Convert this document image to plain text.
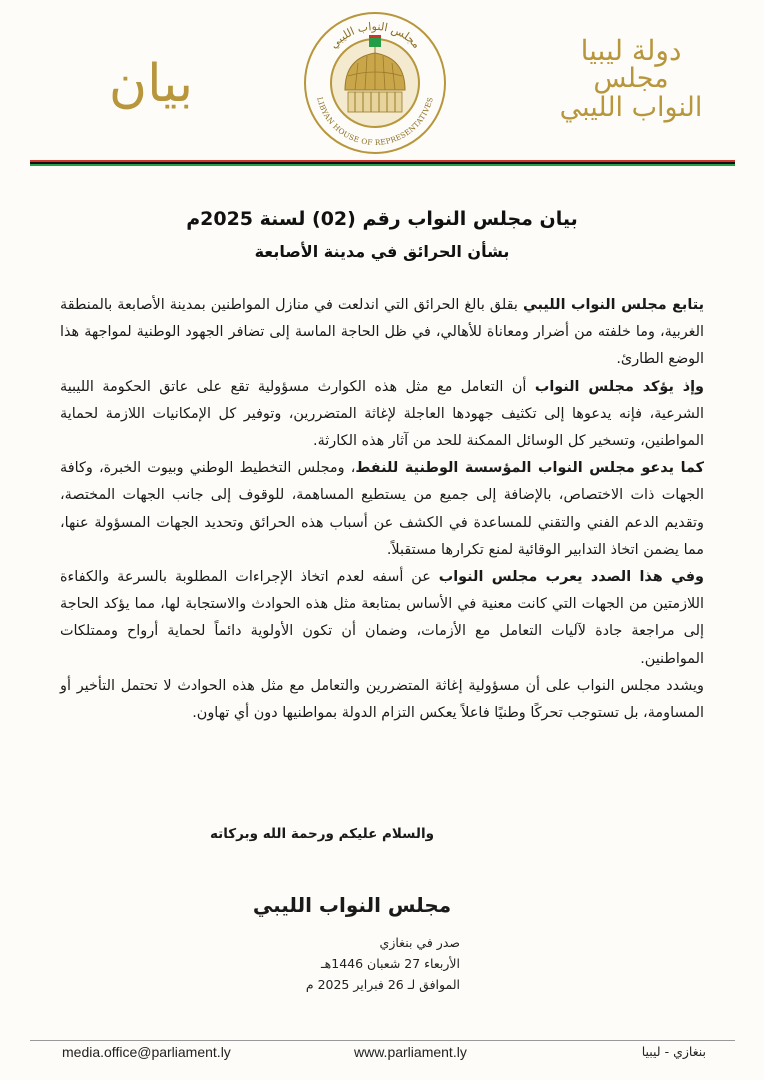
دولة ليبيا
مجلس النواب الليبي
مجلس النواب الليبي
LIBYAN HOUSE OF REPRESENTATIVES
بيان
بيان مجلس النواب رقم (02) لسنة 2025م
بشأن الحرائق في مدينة الأصابعة

يتابع مجلس النواب الليبي بقلق بالغ الحرائق التي اندلعت في منازل المواطنين بمدينة الأصابعة بالمنطقة الغربية، وما خلفته من أضرار ومعاناة للأهالي، في ظل الحاجة الماسة إلى تضافر الجهود الوطنية لمواجهة هذا الوضع الطارئ.

وإذ يؤكد مجلس النواب أن التعامل مع مثل هذه الكوارث مسؤولية تقع على عاتق الحكومة الليبية الشرعية، فإنه يدعوها إلى تكثيف جهودها العاجلة لإغاثة المتضررين، وتوفير كل الإمكانيات اللازمة لحماية المواطنين، وتسخير كل الوسائل الممكنة للحد من آثار هذه الكارثة.

كما يدعو مجلس النواب المؤسسة الوطنية للنفط، ومجلس التخطيط الوطني وبيوت الخبرة، وكافة الجهات ذات الاختصاص، بالإضافة إلى جميع من يستطيع المساهمة، للوقوف إلى جانب الجهات المختصة، وتقديم الدعم الفني والتقني للمساعدة في الكشف عن أسباب هذه الحرائق وتحديد الجهات المسؤولة عنها، مما يضمن اتخاذ التدابير الوقائية لمنع تكرارها مستقبلاً.

وفي هذا الصدد يعرب مجلس النواب عن أسفه لعدم اتخاذ الإجراءات المطلوبة بالسرعة والكفاءة اللازمتين من الجهات التي كانت معنية في الأساس بمتابعة مثل هذه الحوادث والاستجابة لها، مما يؤكد الحاجة إلى مراجعة جادة لآليات التعامل مع الأزمات، وضمان أن تكون الأولوية دائماً لحماية أرواح وممتلكات المواطنين.

ويشدد مجلس النواب على أن مسؤولية إغاثة المتضررين والتعامل مع مثل هذه الحوادث لا تحتمل التأخير أو المساومة، بل تستوجب تحركًا وطنيًا فاعلاً يعكس التزام الدولة بمواطنيها دون أي تهاون.

والسلام عليكم ورحمة الله وبركاته
مجلس النواب الليبي
صدر في بنغازي
الأربعاء 27 شعبان 1446هـ
الموافق لـ 26 فبراير 2025 م
media.office@parliament.ly	www.parliament.ly	بنغازي - ليبيا
